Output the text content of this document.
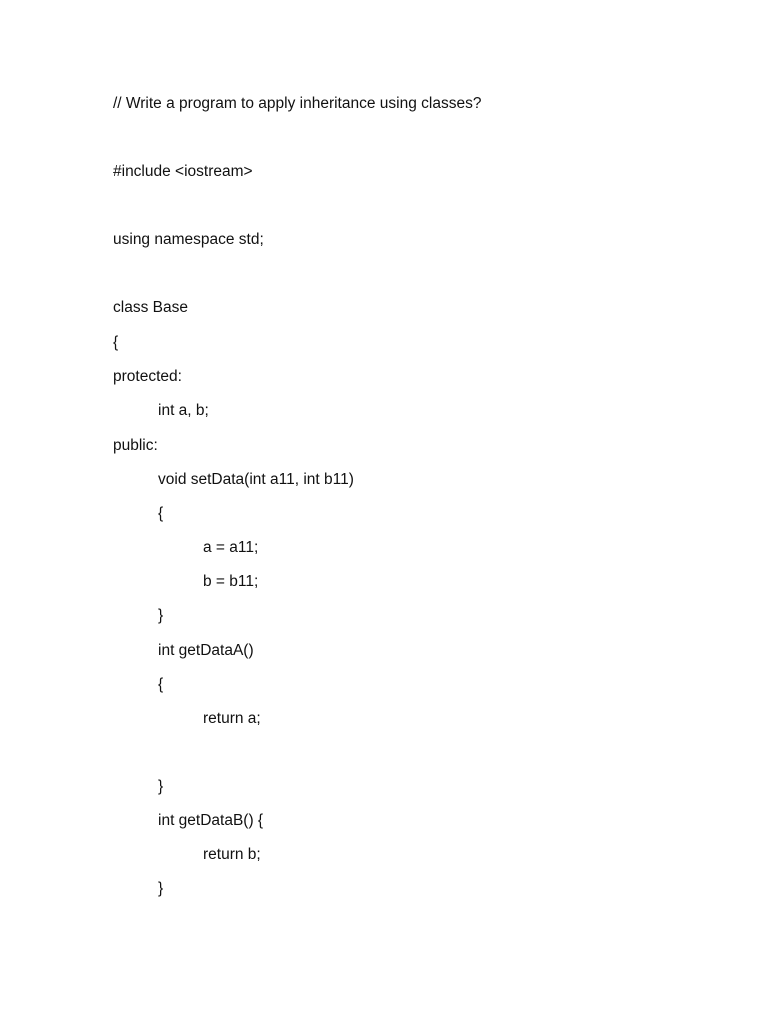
// Write a program to apply inheritance using classes?
#include <iostream>
using namespace std;
class Base
{
protected:
int a, b;
public:
void setData(int a11, int b11)
{
a = a11;
b = b11;
}
int getDataA()
{
return a;
}
int getDataB() {
return b;
}
